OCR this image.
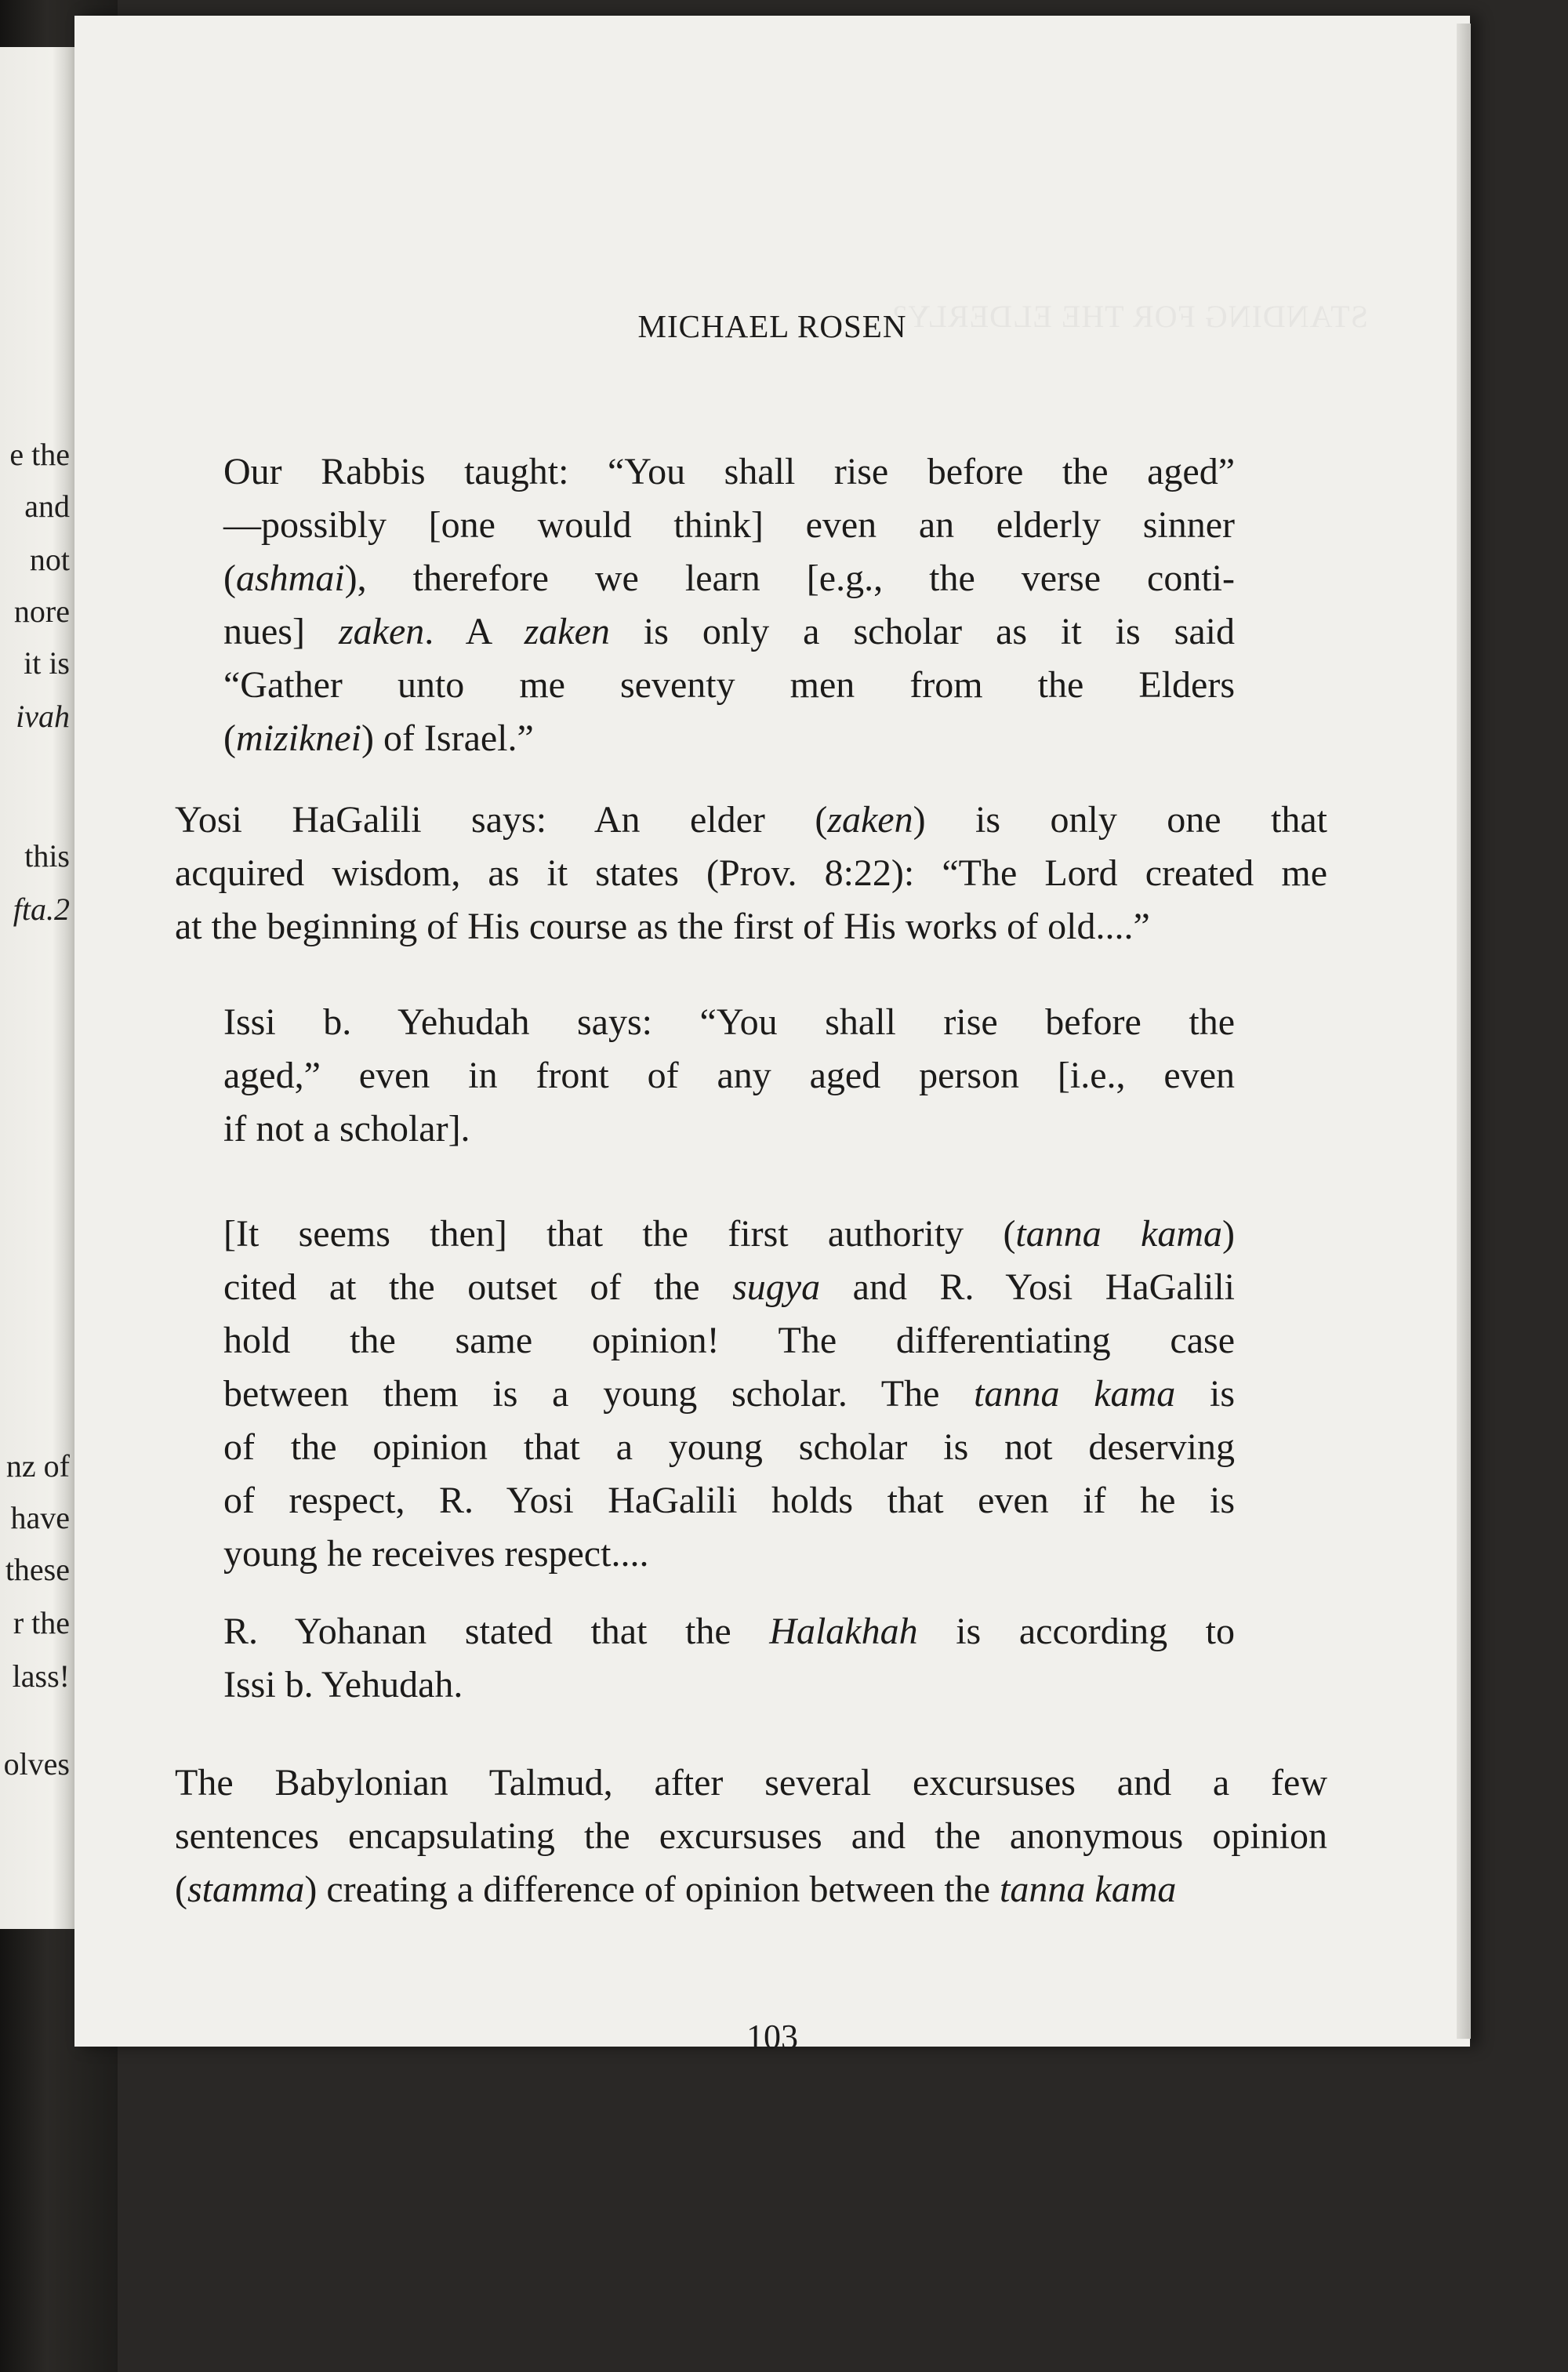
e the
and
not
nore
it is
ivah
this
fta.2
nz of
have
these
r the
lass!
olves
STANDING FOR THE ELDERLY?
MICHAEL ROSEN

Our Rabbis taught: “You shall rise before the aged”

—possibly [one would think] even an elderly sinner

(ashmai), therefore we learn [e.g., the verse conti-

nues] zaken. A zaken is only a scholar as it is said

“Gather unto me seventy men from the Elders

(miziknei) of Israel.”

Yosi HaGalili says: An elder (zaken) is only one that

acquired wisdom, as it states (Prov. 8:22): “The Lord created me

at the beginning of His course as the first of His works of old....”

Issi b. Yehudah says: “You shall rise before the

aged,” even in front of any aged person [i.e., even

if not a scholar].

[It seems then] that the first authority (tanna kama)

cited at the outset of the sugya and R. Yosi HaGalili

hold the same opinion! The differentiating case

between them is a young scholar. The tanna kama is

of the opinion that a young scholar is not deserving

of respect, R. Yosi HaGalili holds that even if he is

young he receives respect....

R. Yohanan stated that the Halakhah is according to

Issi b. Yehudah.

The Babylonian Talmud, after several excursuses and a few

sentences encapsulating the excursuses and the anonymous opinion

(stamma) creating a difference of opinion between the tanna kama

103
